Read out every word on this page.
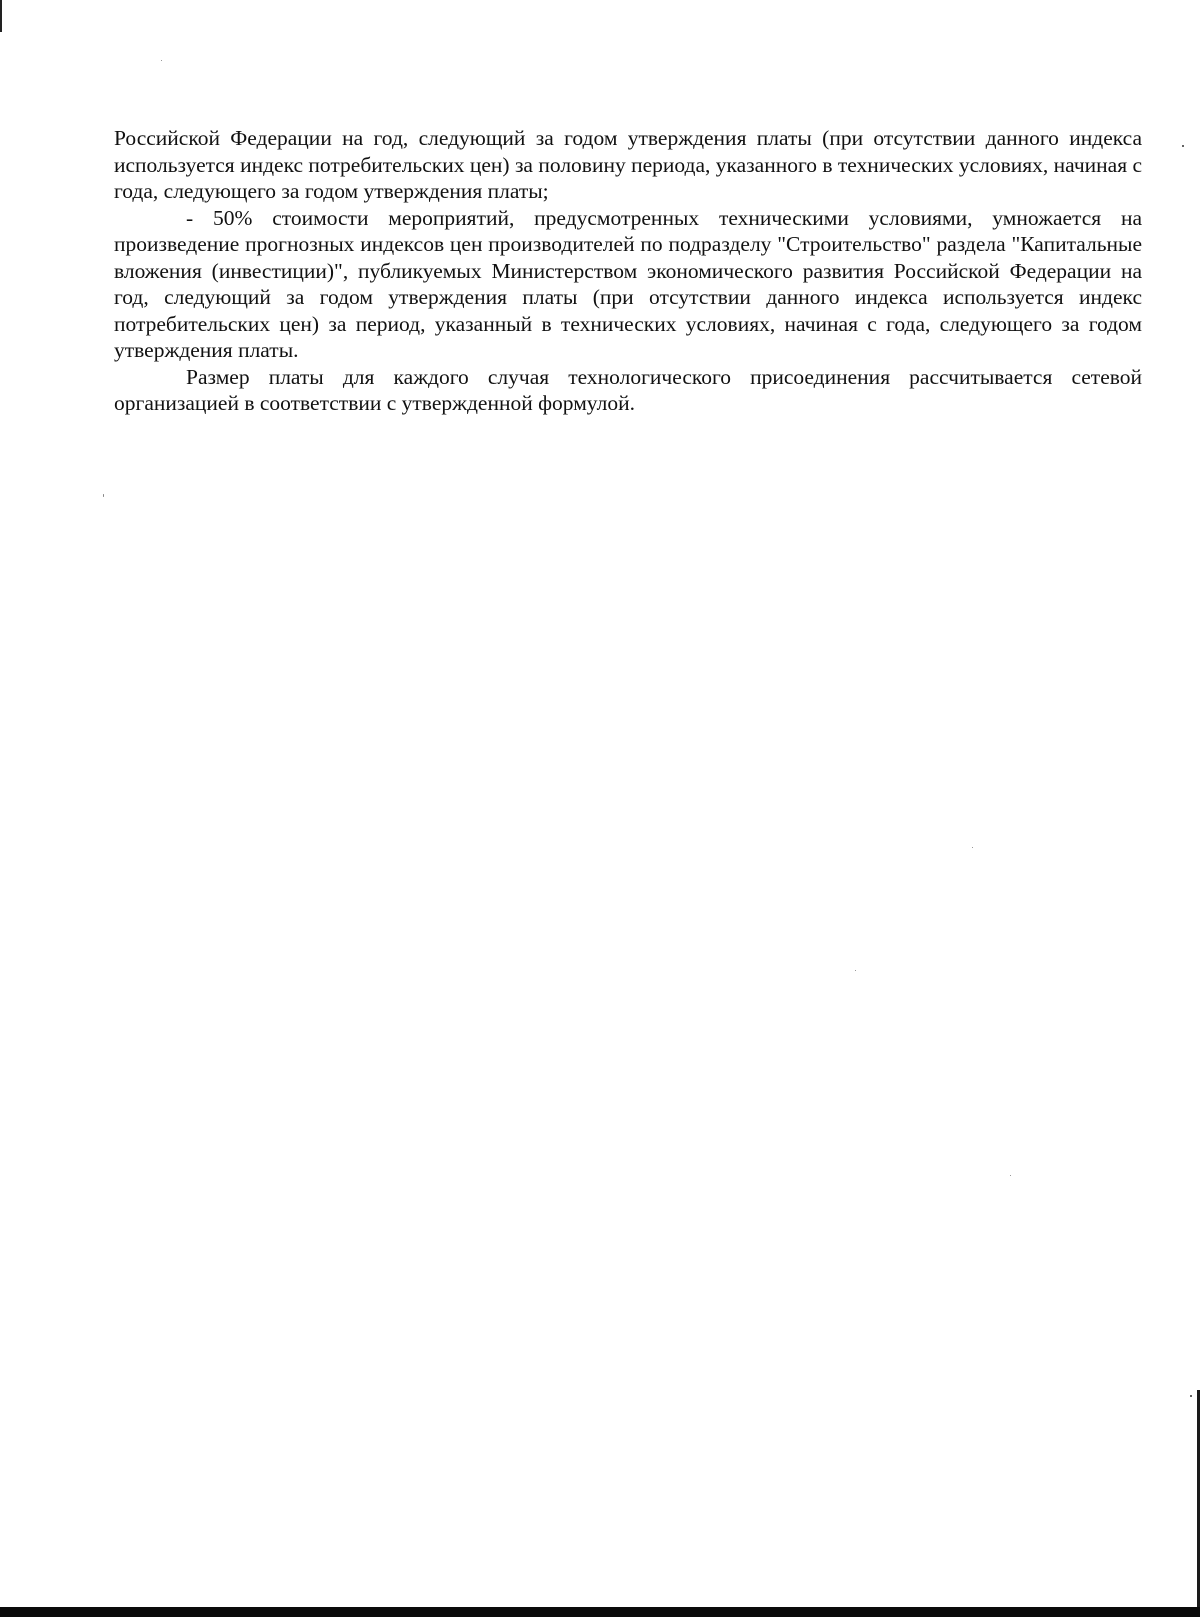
Российской Федерации на год, следующий за годом утверждения платы (при отсутствии данного индекса используется индекс потребительских цен) за половину периода, указанного в технических условиях, начиная с года, следующего за годом утверждения платы;

- 50% стоимости мероприятий, предусмотренных техническими условиями, умножается на произведение прогнозных индексов цен производителей по подразделу "Строительство" раздела "Капитальные вложения (инвестиции)", публикуемых Министерством экономического развития Российской Федерации на год, следующий за годом утверждения платы (при отсутствии данного индекса используется индекс потребительских цен) за период, указанный в технических условиях, начиная с года, следующего за годом утверждения платы.

Размер платы для каждого случая технологического присоединения рассчитывается сетевой организацией в соответствии с утвержденной формулой.
